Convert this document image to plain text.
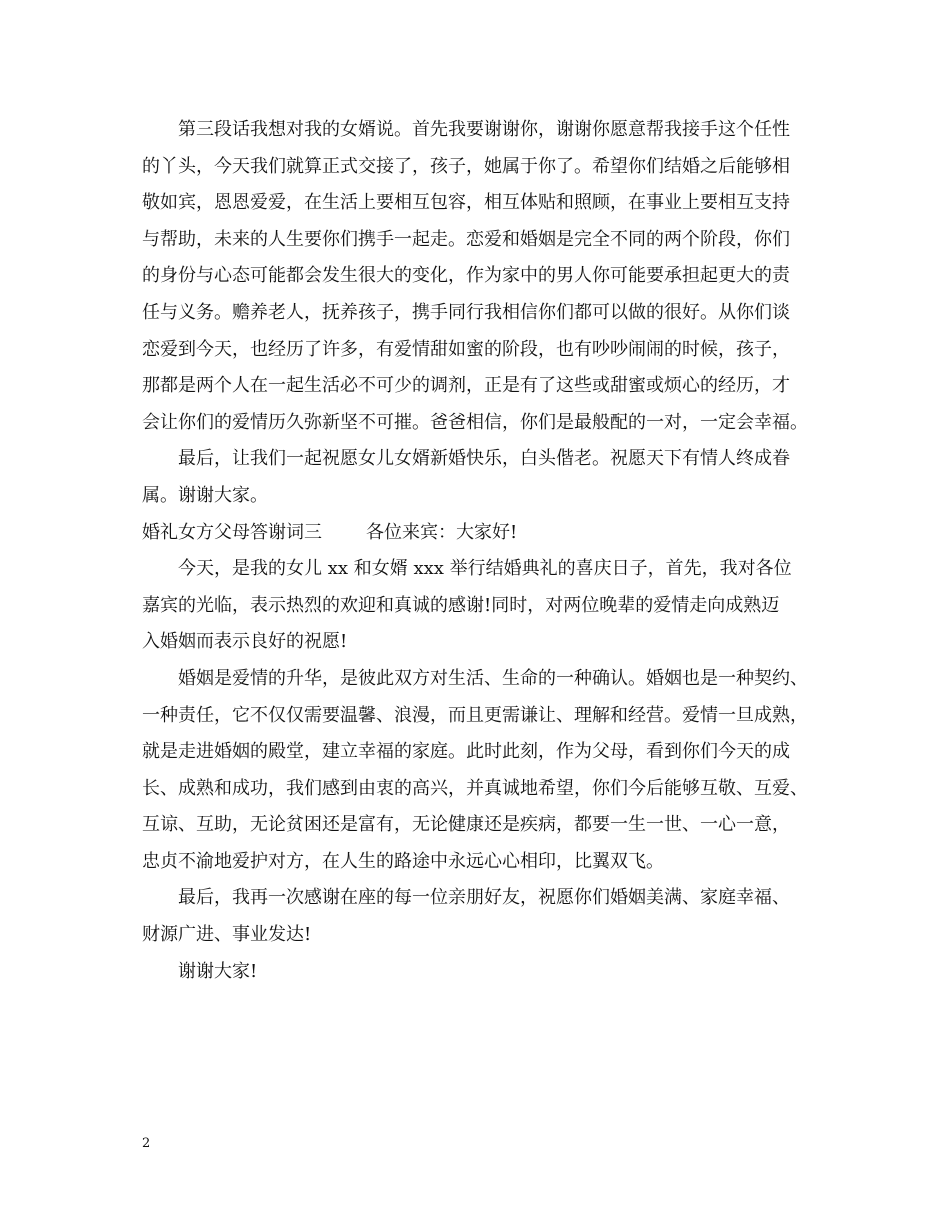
第三段话我想对我的女婿说。首先我要谢谢你，谢谢你愿意帮我接手这个任性
的丫头，今天我们就算正式交接了，孩子，她属于你了。希望你们结婚之后能够相
敬如宾，恩恩爱爱，在生活上要相互包容，相互体贴和照顾，在事业上要相互支持
与帮助，未来的人生要你们携手一起走。恋爱和婚姻是完全不同的两个阶段，你们
的身份与心态可能都会发生很大的变化，作为家中的男人你可能要承担起更大的责
任与义务。赡养老人，抚养孩子，携手同行我相信你们都可以做的很好。从你们谈
恋爱到今天，也经历了许多，有爱情甜如蜜的阶段，也有吵吵闹闹的时候，孩子，
那都是两个人在一起生活必不可少的调剂，正是有了这些或甜蜜或烦心的经历，才
会让你们的爱情历久弥新坚不可摧。爸爸相信，你们是最般配的一对，一定会幸福。
最后，让我们一起祝愿女儿女婿新婚快乐，白头偕老。祝愿天下有情人终成眷
属。谢谢大家。
婚礼女方父母答谢词三 各位来宾：大家好!
今天，是我的女儿 xx 和女婿 xxx 举行结婚典礼的喜庆日子，首先，我对各位
嘉宾的光临，表示热烈的欢迎和真诚的感谢!同时，对两位晚辈的爱情走向成熟迈
入婚姻而表示良好的祝愿!
婚姻是爱情的升华，是彼此双方对生活、生命的一种确认。婚姻也是一种契约、
一种责任，它不仅仅需要温馨、浪漫，而且更需谦让、理解和经营。爱情一旦成熟，
就是走进婚姻的殿堂，建立幸福的家庭。此时此刻，作为父母，看到你们今天的成
长、成熟和成功，我们感到由衷的高兴，并真诚地希望，你们今后能够互敬、互爱、
互谅、互助，无论贫困还是富有，无论健康还是疾病，都要一生一世、一心一意，
忠贞不渝地爱护对方，在人生的路途中永远心心相印，比翼双飞。
最后，我再一次感谢在座的每一位亲朋好友，祝愿你们婚姻美满、家庭幸福、
财源广进、事业发达!
谢谢大家!
2
